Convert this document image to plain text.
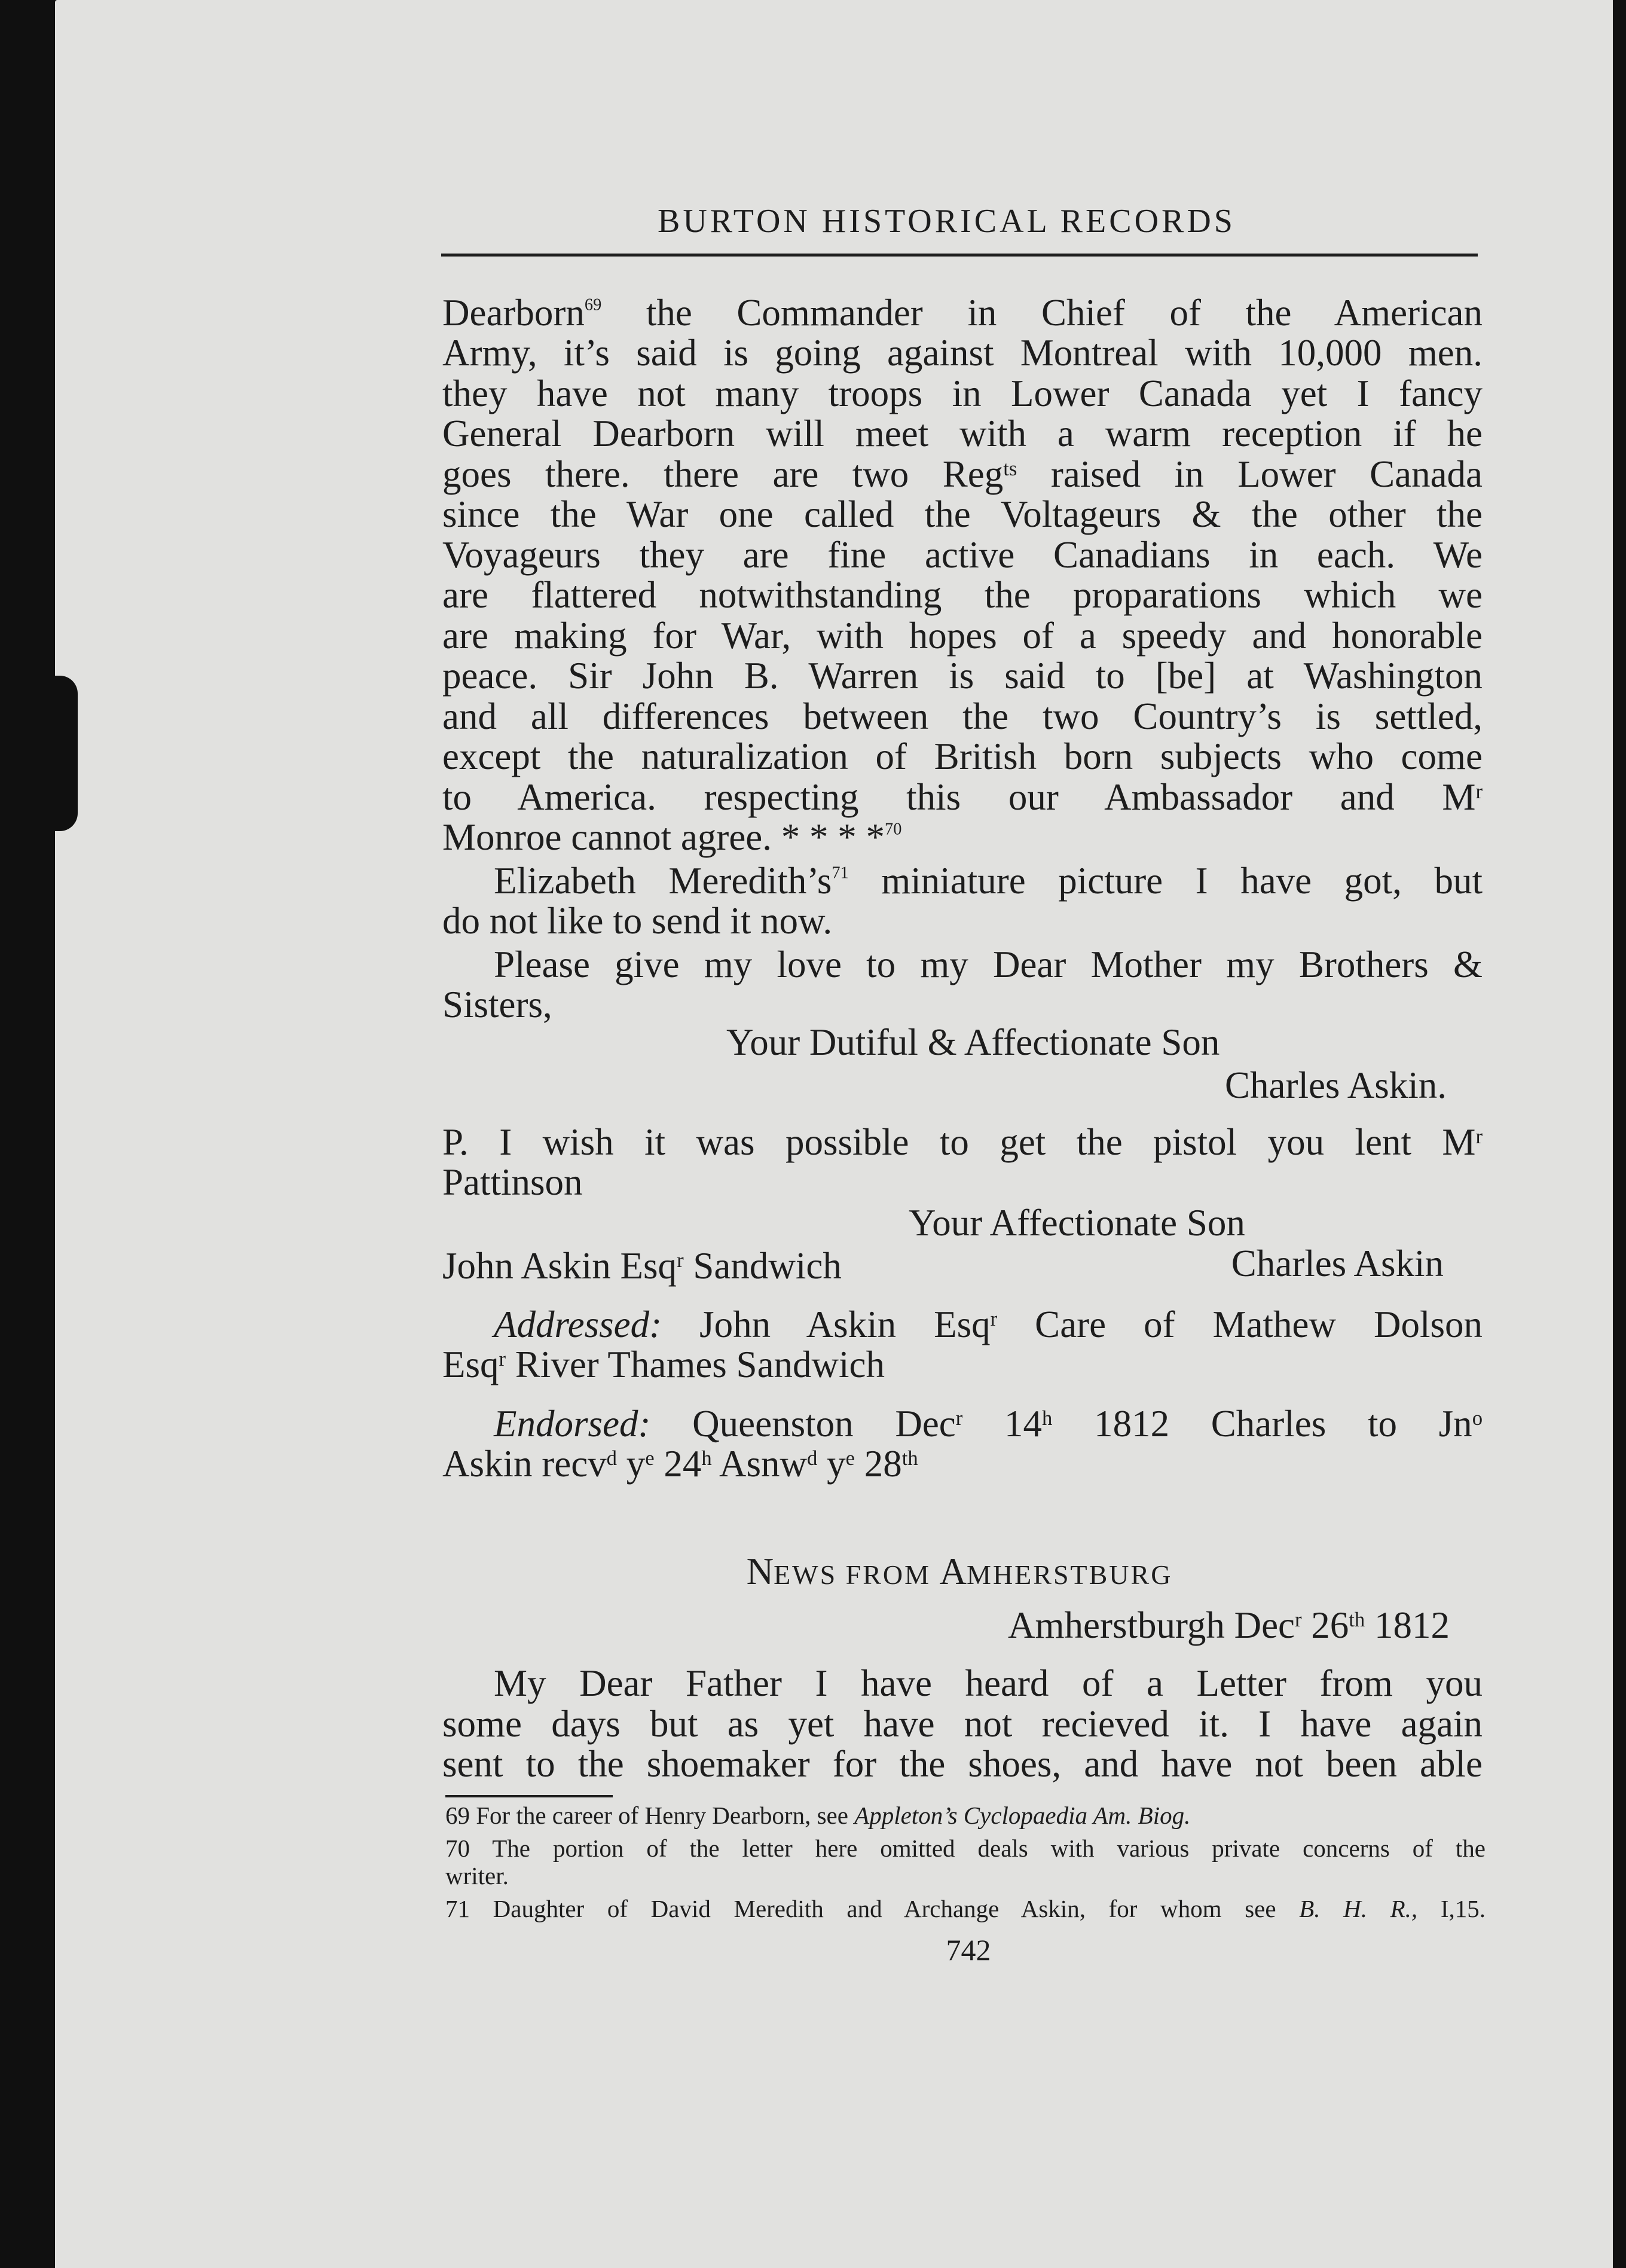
BURTON HISTORICAL RECORDS
Dearborn$^{69}$ the Commander in Chief of the American
Army, it’s said is going against Montreal with 10,000 men.
they have not many troops in Lower Canada yet I fancy
General Dearborn will meet with a warm reception if he
goes there. there are two Reg$^{ts}$ raised in Lower Canada
since the War one called the Voltageurs & the other the
Voyageurs they are fine active Canadians in each. We
are flattered notwithstanding the proparations which we
are making for War, with hopes of a speedy and honorable
peace. Sir John B. Warren is said to [be] at Washington
and all differences between the two Country’s is settled,
except the naturalization of British born subjects who come
to America. respecting this our Ambassador and $M^r$
Monroe cannot agree. * * * *$^{70}$
Elizabeth Meredith’s$^{71}$ miniature picture I have got, but
do not like to send it now.
Please give my love to my Dear Mother my Brothers &
Sisters,
Your Dutiful & Affectionate Son
Charles Askin.
P. I wish it was possible to get the pistol you lent $M^r$
Pattinson
Your Affectionate Son
John Askin Esq$^r$ Sandwich	Charles Askin
Addressed: John Askin Esq$^r$ Care of Mathew Dolson
Esq$^r$ River Thames Sandwich
Endorsed: Queenston Dec$^r$ 14$^h$ 1812 Charles to Jn$^o$
Askin recv$^d$ $y^e$ 24$^h$ Asnw$^d$ $y^e$ 28th
NEWS FROM AMHERSTBURG
Amherstburgh Dec$^r$ 26th 1812
My Dear Father I have heard of a Letter from you
some days but as yet have not recieved it. I have again
sent to the shoemaker for the shoes, and have not been able
69 For the career of Henry Dearborn, see Appleton’s Cyclopaedia Am. Biog.
70 The portion of the letter here omitted deals with various private concerns of the
writer.
71 Daughter of David Meredith and Archange Askin, for whom see B. H. R., I,15.
742
